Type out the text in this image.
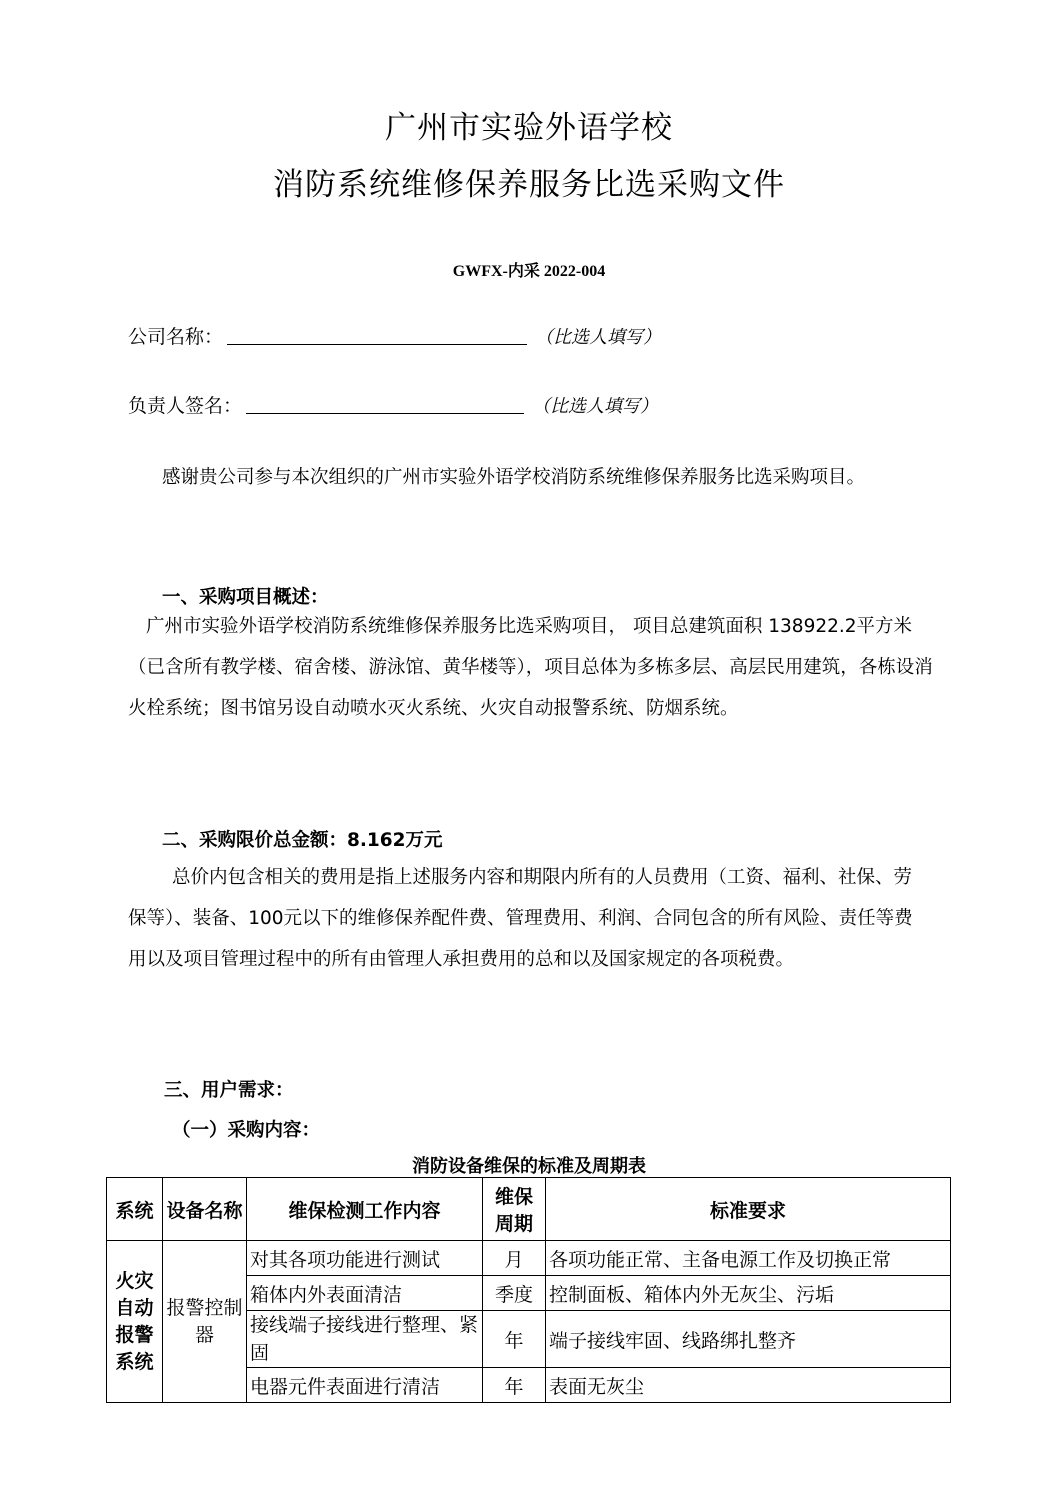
广州市实验外语学校
消防系统维修保养服务比选采购文件
GWFX-内采 2022-004
公司名称：	（比选人填写）
负责人签名：	（比选人填写）
感谢贵公司参与本次组织的广州市实验外语学校消防系统维修保养服务比选采购项目。
一、采购项目概述：
广州市实验外语学校消防系统维修保养服务比选采购项目， 项目总建筑面积 138922.2平方米（已含所有教学楼、宿舍楼、游泳馆、黄华楼等），项目总体为多栋多层、高层民用建筑，各栋设消火栓系统；图书馆另设自动喷水灭火系统、火灾自动报警系统、防烟系统。
二、采购限价总金额：8.162万元
总价内包含相关的费用是指上述服务内容和期限内所有的人员费用（工资、福利、社保、劳保等）、装备、100元以下的维修保养配件费、管理费用、利润、合同包含的所有风险、责任等费用以及项目管理过程中的所有由管理人承担费用的总和以及国家规定的各项税费。
三、用户需求：
（一）采购内容：
消防设备维保的标准及周期表
系统	设备名称	维保检测工作内容	维保周期	标准要求
火灾自动报警系统	报警控制器	对其各项功能进行测试	月	各项功能正常、主备电源工作及切换正常
		箱体内外表面清洁	季度	控制面板、箱体内外无灰尘、污垢
		接线端子接线进行整理、紧固	年	端子接线牢固、线路绑扎整齐
		电器元件表面进行清洁	年	表面无灰尘
